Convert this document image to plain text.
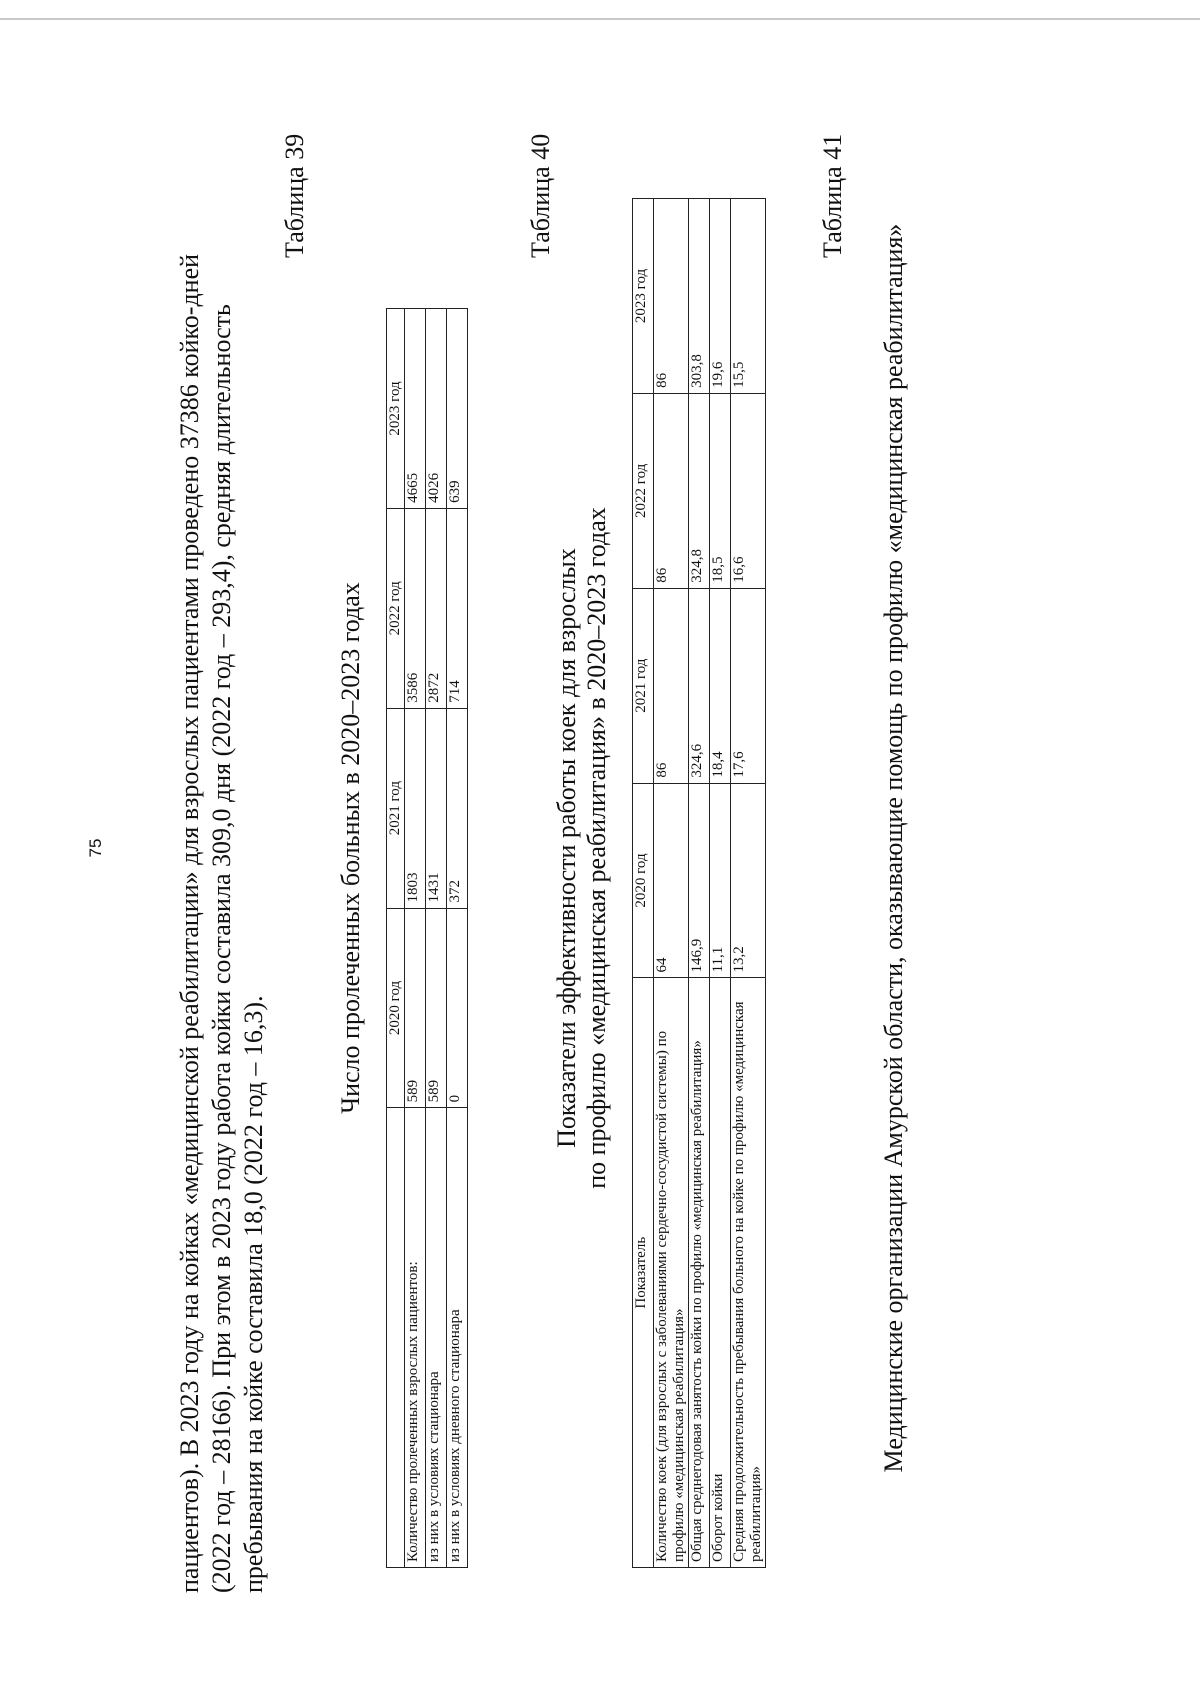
75	пациентов). В 2023 году на койках «медицинской реабилитации» для взрослых пациентами проведено 37386 койко-дней (2022 год – 28166). При этом в 2023 году работа койки составила 309,0 дня (2022 год – 293,4), средняя длительность пребывания на койке составила 18,0 (2022 год – 16,3).

Таблица 39
Число пролеченных больных в 2020–2023 годах
	2020 год	2021 год	2022 год	2023 год
Количество пролеченных взрослых пациентов:	589	1803	3586	4665
из них в условиях стационара	589	1431	2872	4026
из них в условиях дневного стационара	0	372	714	639
Таблица 40
Показатели эффективности работы коек для взрослых по профилю «медицинская реабилитация» в 2020–2023 годах
Показатель	2020 год	2021 год	2022 год	2023 год
Количество коек (для взрослых с заболеваниями сердечно-сосудистой системы) по профилю «медицинская реабилитация»	64	86	86	86
Общая среднегодовая занятость койки по профилю «медицинская реабилитация»	146,9	324,6	324,8	303,8
Оборот койки	11,1	18,4	18,5	19,6
Средняя продолжительность пребывания больного на койке по профилю «медицинская реабилитация»	13,2	17,6	16,6	15,5
Таблица 41
Медицинские организации Амурской области, оказывающие помощь по профилю «медицинская реабилитация»
